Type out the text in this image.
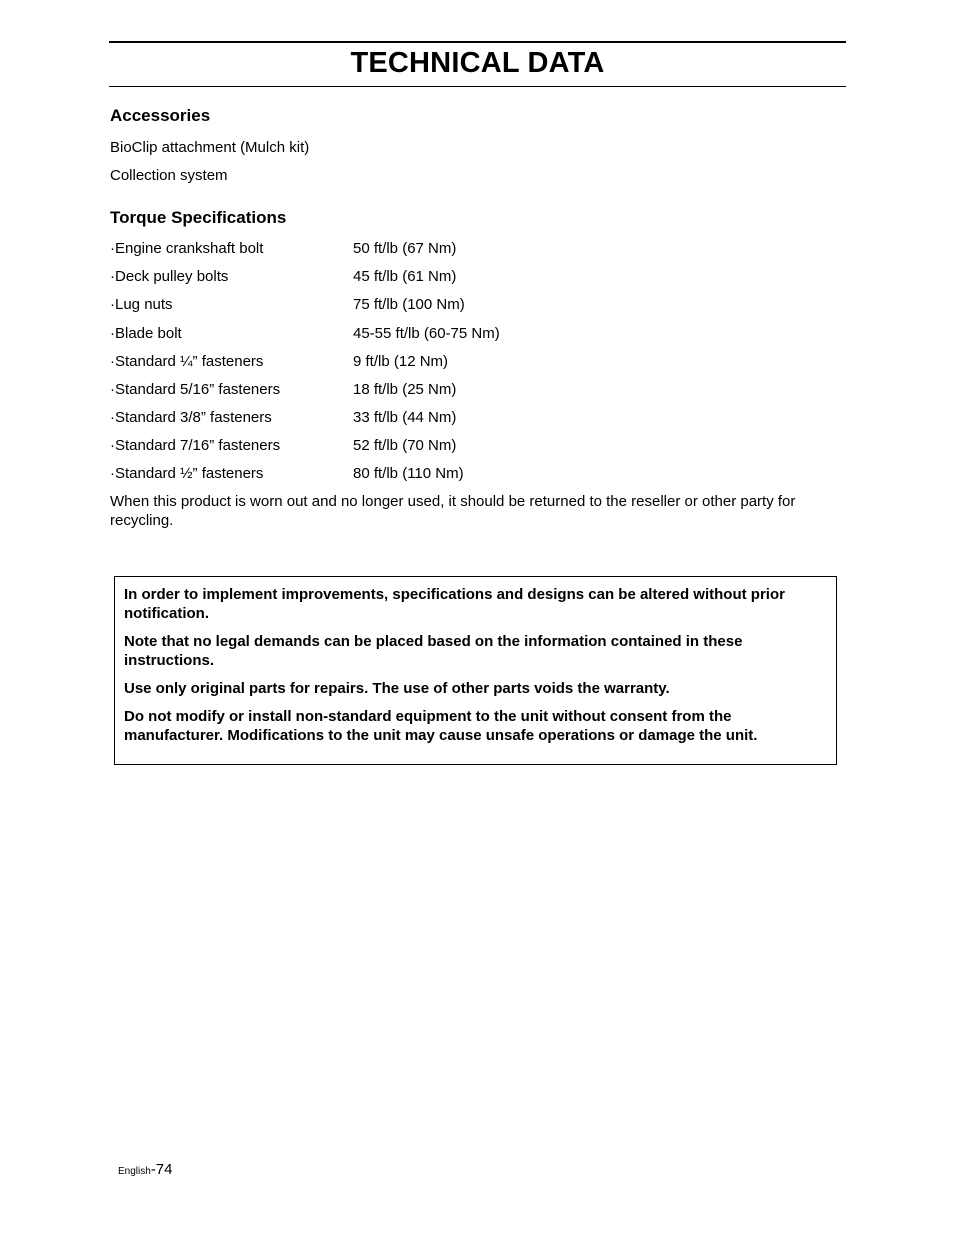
TECHNICAL DATA
Accessories
BioClip attachment (Mulch kit)
Collection system
Torque Specifications
·Engine crankshaft bolt	50 ft/lb (67 Nm)
·Deck pulley bolts	45 ft/lb (61 Nm)
·Lug nuts	75 ft/lb (100 Nm)
·Blade bolt	45-55 ft/lb (60-75 Nm)
·Standard ¼” fasteners	9 ft/lb (12 Nm)
·Standard 5/16” fasteners	18 ft/lb (25 Nm)
·Standard 3/8” fasteners	33 ft/lb (44 Nm)
·Standard 7/16” fasteners	52 ft/lb (70 Nm)
·Standard ½” fasteners	80 ft/lb (110 Nm)
When this product is worn out and no longer used, it should be returned to the reseller or other party for recycling.

In order to implement improvements, specifications and designs can be altered without prior notification.

Note that no legal demands can be placed based on the information contained in these instructions.

Use only original parts for repairs. The use of other parts voids the warranty.

Do not modify or install non-standard equipment to the unit without consent from the manufacturer. Modifications to the unit may cause unsafe operations or damage the unit.

English-74
